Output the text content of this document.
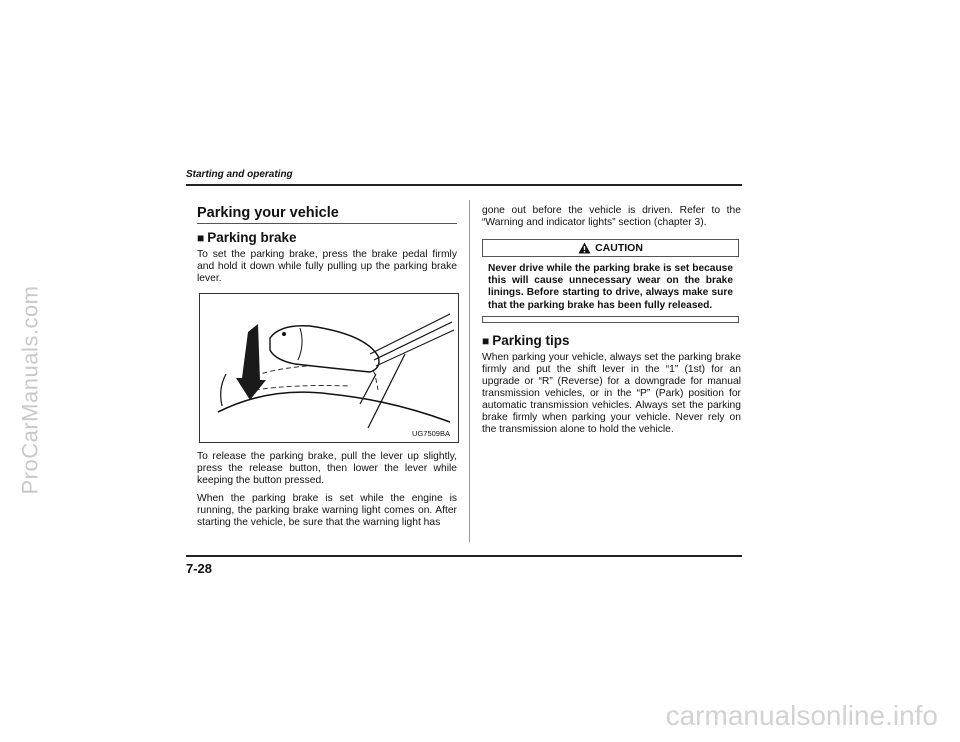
ProCarManuals.com
carmanualsonline.info
Starting and operating
Parking your vehicle
■ Parking brake

To set the parking brake, press the brake pedal firmly and hold it down while fully pulling up the parking brake lever.

UG7509BA

To release the parking brake, pull the lever up slightly, press the release button, then lower the lever while keeping the button pressed.

When the parking brake is set while the engine is running, the parking brake warning light comes on. After starting the vehicle, be sure that the warning light has

gone out before the vehicle is driven. Refer to the “Warning and indicator lights” section (chapter 3).

CAUTION

Never drive while the parking brake is set because this will cause unnecessary wear on the brake linings. Before starting to drive, always make sure that the parking brake has been fully released.

■ Parking tips

When parking your vehicle, always set the parking brake firmly and put the shift lever in the “1” (1st) for an upgrade or “R” (Reverse) for a downgrade for manual transmission vehicles, or in the “P” (Park) position for automatic transmission vehicles. Always set the parking brake firmly when parking your vehicle. Never rely on the transmission alone to hold the vehicle.

7-28
